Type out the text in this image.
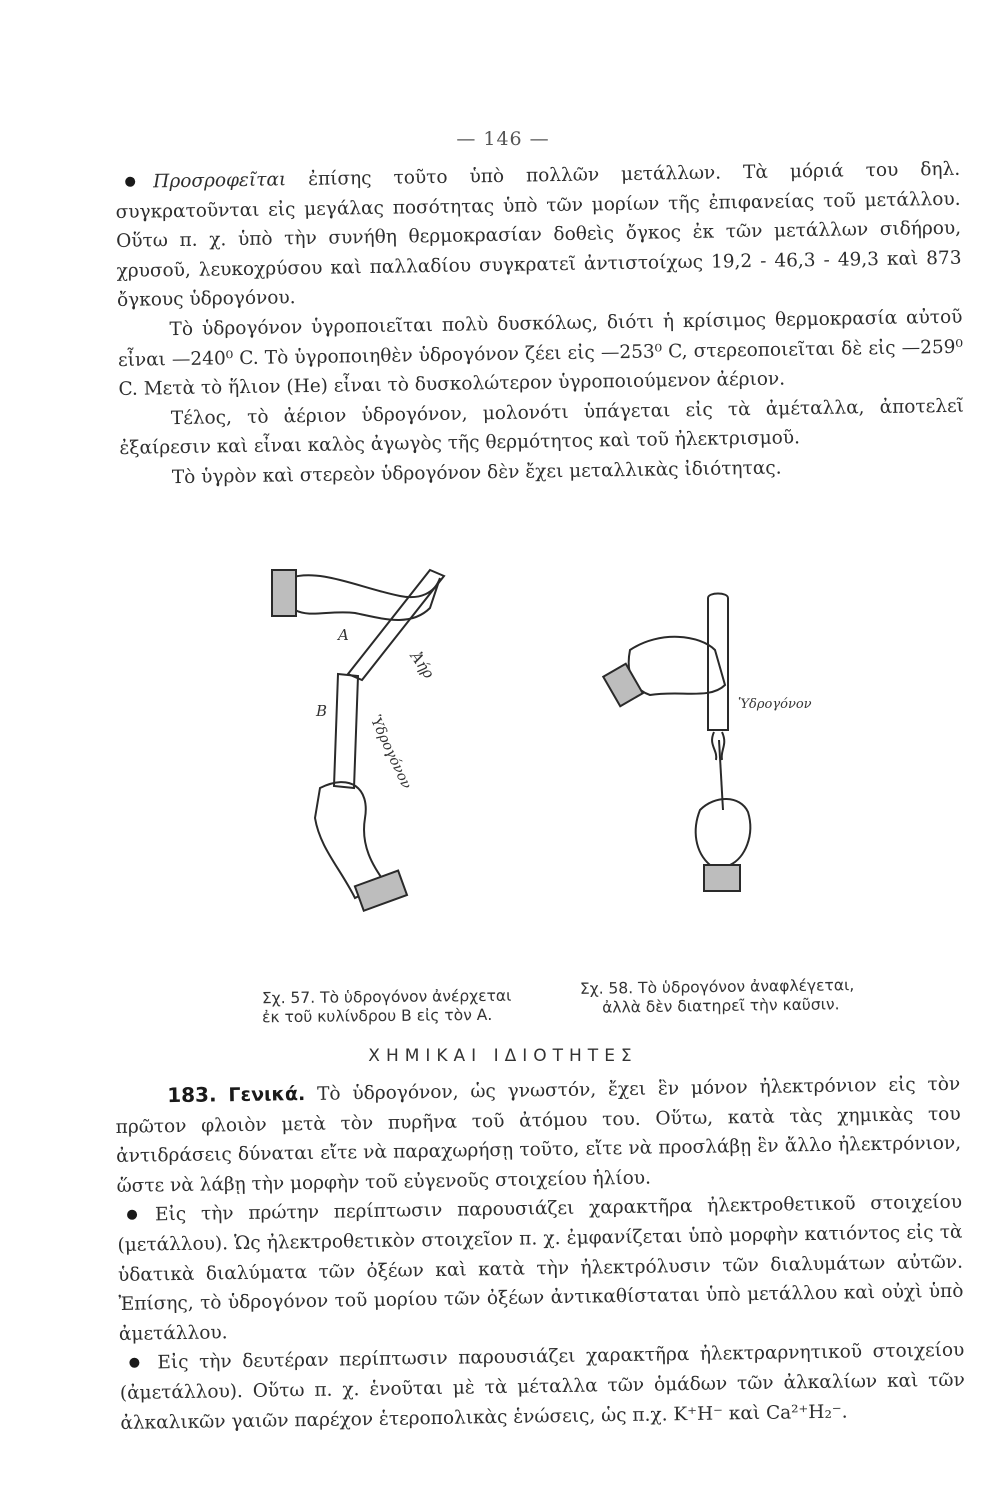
— 146 —

Προσροφεῖται ἐπίσης τοῦτο ὑπὸ πολλῶν μετάλλων. Τὰ μόριά του δηλ. συγκρατοῦνται εἰς μεγάλας ποσότητας ὑπὸ τῶν μορίων τῆς ἐπιφανείας τοῦ μετάλλου. Οὕτω π. χ. ὑπὸ τὴν συνήθη θερμοκρασίαν δοθεὶς ὄγκος ἐκ τῶν μετάλλων σιδήρου, χρυσοῦ, λευκοχρύσου καὶ παλλαδίου συγκρατεῖ ἀντιστοίχως 19,2 - 46,3 - 49,3 καὶ 873 ὄγκους ὑδρογόνου.

Τὸ ὑδρογόνον ὑγροποιεῖται πολὺ δυσκόλως, διότι ἡ κρίσιμος θερμοκρασία αὐτοῦ εἶναι —240⁰ C. Τὸ ὑγροποιηθὲν ὑδρογόνον ζέει εἰς —253⁰ C, στερεοποιεῖται δὲ εἰς —259⁰ C. Μετὰ τὸ ἥλιον (He) εἶναι τὸ δυσκολώτερον ὑγροποιούμενον ἀέριον.

Τέλος, τὸ ἀέριον ὑδρογόνον, μολονότι ὑπάγεται εἰς τὰ ἀμέταλλα, ἀποτελεῖ ἐξαίρεσιν καὶ εἶναι καλὸς ἀγωγὸς τῆς θερμότητος καὶ τοῦ ἠλεκτρισμοῦ.

Τὸ ὑγρὸν καὶ στερεὸν ὑδρογόνον δὲν ἔχει μεταλλικὰς ἰδιότητας.

A
Ἀήρ
B
Ὑδρογόνον
Ὑδρογόνον
Σχ. 57. Τὸ ὑδρογόνον ἀνέρχεται
ἐκ τοῦ κυλίνδρου Β εἰς τὸν Α.
Σχ. 58. Τὸ ὑδρογόνον ἀναφλέγεται,
ἀλλὰ δὲν διατηρεῖ τὴν καῦσιν.
ΧΗΜΙΚΑΙ ΙΔΙΟΤΗΤΕΣ

183. Γενικά. Τὸ ὑδρογόνον, ὡς γνωστόν, ἔχει ἓν μόνον ἠλεκτρόνιον εἰς τὸν πρῶτον φλοιὸν μετὰ τὸν πυρῆνα τοῦ ἀτόμου του. Οὕτω, κατὰ τὰς χημικὰς του ἀντιδράσεις δύναται εἴτε νὰ παραχωρήσῃ τοῦτο, εἴτε νὰ προσλάβῃ ἓν ἄλλο ἠλεκτρόνιον, ὥστε νὰ λάβῃ τὴν μορφὴν τοῦ εὐγενοῦς στοιχείου ἡλίου.

Εἰς τὴν πρώτην περίπτωσιν παρουσιάζει χαρακτῆρα ἠλεκτροθετικοῦ στοιχείου (μετάλλου). Ὡς ἠλεκτροθετικὸν στοιχεῖον π. χ. ἐμφανίζεται ὑπὸ μορφὴν κατιόντος εἰς τὰ ὑδατικὰ διαλύματα τῶν ὀξέων καὶ κατὰ τὴν ἠλεκτρόλυσιν τῶν διαλυμάτων αὐτῶν. Ἐπίσης, τὸ ὑδρογόνον τοῦ μορίου τῶν ὀξέων ἀντικαθίσταται ὑπὸ μετάλλου καὶ οὐχὶ ὑπὸ ἀμετάλλου.

Εἰς τὴν δευτέραν περίπτωσιν παρουσιάζει χαρακτῆρα ἠλεκτραρνητικοῦ στοιχείου (ἀμετάλλου). Οὕτω π. χ. ἑνοῦται μὲ τὰ μέταλλα τῶν ὁμάδων τῶν ἀλκαλίων καὶ τῶν ἀλκαλικῶν γαιῶν παρέχον ἑτεροπολικὰς ἑνώσεις, ὡς π.χ. K⁺H⁻ καὶ Ca²⁺H₂⁻.
